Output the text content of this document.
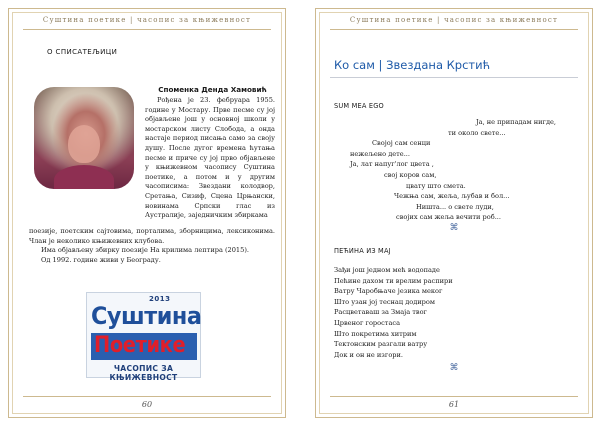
Суштина поетике | часопис за књижевност
О СПИСАТЕЉИЦИ
Споменка Денда Хамовић
Рођена је 23. фебруара 1955. године у Мостару. Прве песме су јој објављене још у основној школи у мостарском листу Слобода, а онда настаје период писања само за своју душу. После дугог времена ћутања песме и приче су јој прво објављене у књижевном часопису Суштина поетике, а потом и у другим часописима: Звездани колодвор, Сретања, Сизиф, Сцена Црњански, новинама Српски глас из Аустралије, заједничким збиркама

поезије, поетским сајтовима, порталима, зборницима, лексиконима. Члан је неколико књижевних клубова.

Има објављену збирку поезије На крилима лептира (2015).

Од 1992. године живи у Београду.

2013
Суштина
Поетике
ЧАСОПИС ЗА КЊИЖЕВНОСТ
60
Суштина поетике | часопис за књижевност
Ко сам | Звездана Крстић
SUM MEA EGO
Ја, не припадам нигде,
ти около свете...
Својој сам сенци
нежељено дете...
Ја, лат напуг'лог цвета ,
свој коров сам,
цвату што смета.
Чежња сам, жеља, љубав и бол...
Ништа... о свете луди,
својих сам жеља вечити роб...
⌘
ПЕЋИНА ИЗ МАЈ
Зађи још једном мећ водопаде
Пећине дахом ти врелим распири
Ватру Чаробњаче језика меког
Што узан јој теснац додиром
Расцветаваш за Змаја твог
Црвеног горостаса
Што покретима хитрим
Тектонским разгали ватру
Док и он не изгори.
⌘
61
